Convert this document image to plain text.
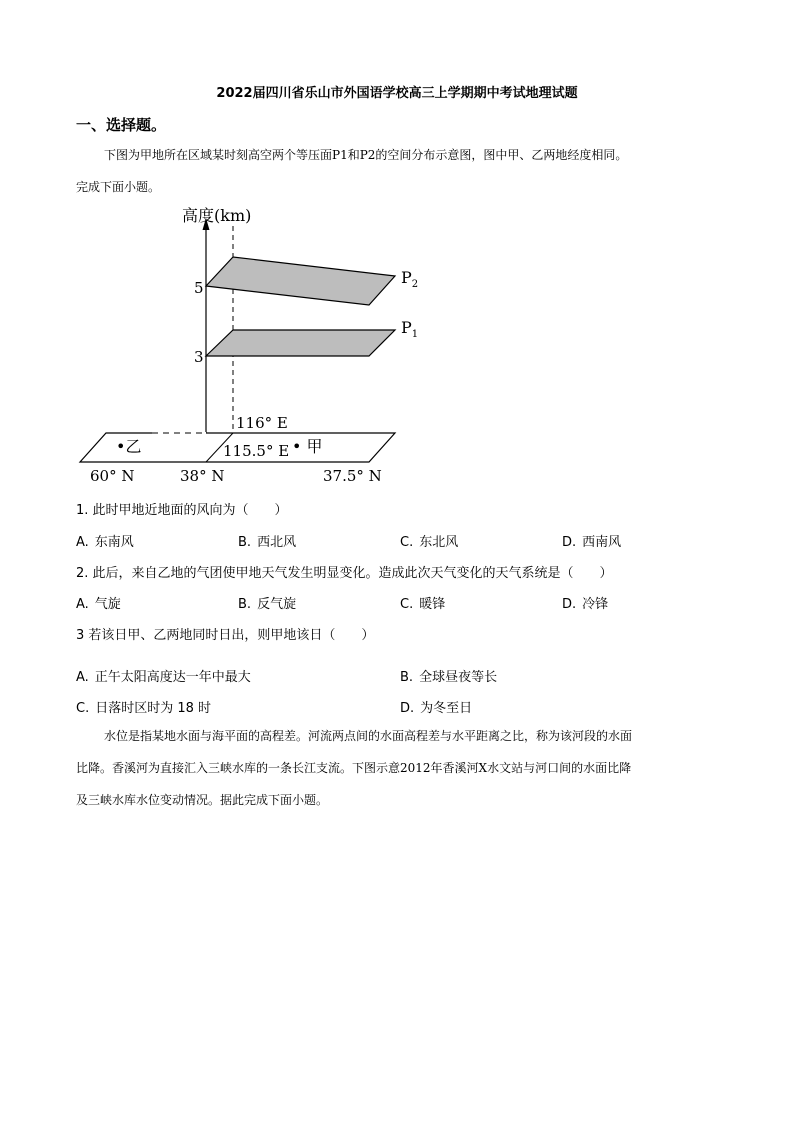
2022届四川省乐山市外国语学校高三上学期期中考试地理试题
一、选择题。
下图为甲地所在区域某时刻高空两个等压面P1和P2的空间分布示意图，图中甲、乙两地经度相同。
完成下面小题。
高度(km)
5
3
$P_2$
$P_1$
116° E
115.5° E • 甲
•乙
60° N	38° N	37.5° N
1. 此时甲地近地面的风向为（　　）
A. 东南风	B. 西北风	C. 东北风	D. 西南风
2. 此后，来自乙地的气团使甲地天气发生明显变化。造成此次天气变化的天气系统是（　　）
A. 气旋	B. 反气旋	C. 暖锋	D. 冷锋
3 若该日甲、乙两地同时日出，则甲地该日（　　）
A. 正午太阳高度达一年中最大	B. 全球昼夜等长
C. 日落时区时为 18 时	D. 为冬至日
水位是指某地水面与海平面的高程差。河流两点间的水面高程差与水平距离之比，称为该河段的水面
比降。香溪河为直接汇入三峡水库的一条长江支流。下图示意2012年香溪河X水文站与河口间的水面比降
及三峡水库水位变动情况。据此完成下面小题。
